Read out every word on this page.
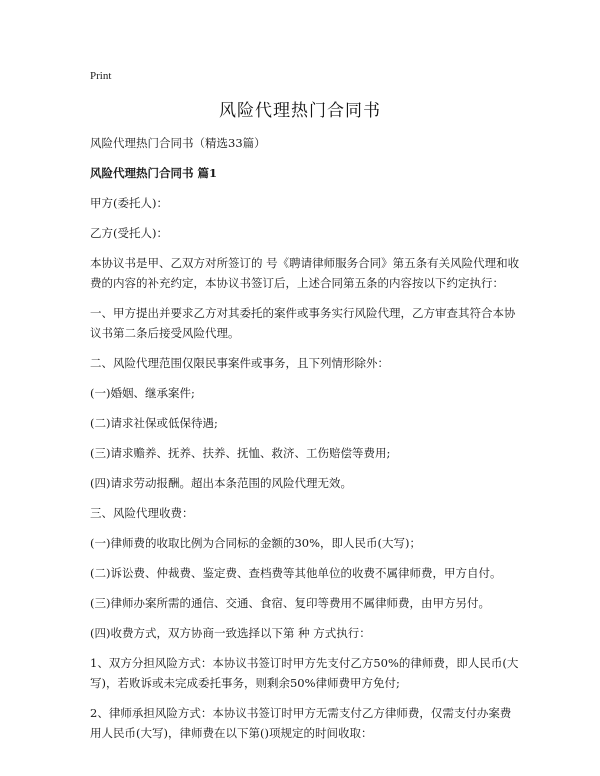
Print
风险代理热门合同书

风险代理热门合同书（精选33篇）

风险代理热门合同书 篇1

甲方(委托人)：

乙方(受托人)：

本协议书是甲、乙双方对所签订的 号《聘请律师服务合同》第五条有关风险代理和收费的内容的补充约定，本协议书签订后，上述合同第五条的内容按以下约定执行：

一、甲方提出并要求乙方对其委托的案件或事务实行风险代理，乙方审查其符合本协议书第二条后接受风险代理。

二、风险代理范围仅限民事案件或事务，且下列情形除外：

(一)婚姻、继承案件;

(二)请求社保或低保待遇;

(三)请求赡养、抚养、扶养、抚恤、救济、工伤赔偿等费用;

(四)请求劳动报酬。超出本条范围的风险代理无效。

三、风险代理收费：

(一)律师费的收取比例为合同标的金额的30%，即人民币(大写)；

(二)诉讼费、仲裁费、鉴定费、查档费等其他单位的收费不属律师费，甲方自付。

(三)律师办案所需的通信、交通、食宿、复印等费用不属律师费，由甲方另付。

(四)收费方式，双方协商一致选择以下第 种 方式执行：

1、双方分担风险方式：本协议书签订时甲方先支付乙方50%的律师费，即人民币(大写)，若败诉或未完成委托事务，则剩余50%律师费甲方免付;

2、律师承担风险方式：本协议书签订时甲方无需支付乙方律师费，仅需支付办案费 用人民币(大写)，律师费在以下第()项规定的时间收取：
